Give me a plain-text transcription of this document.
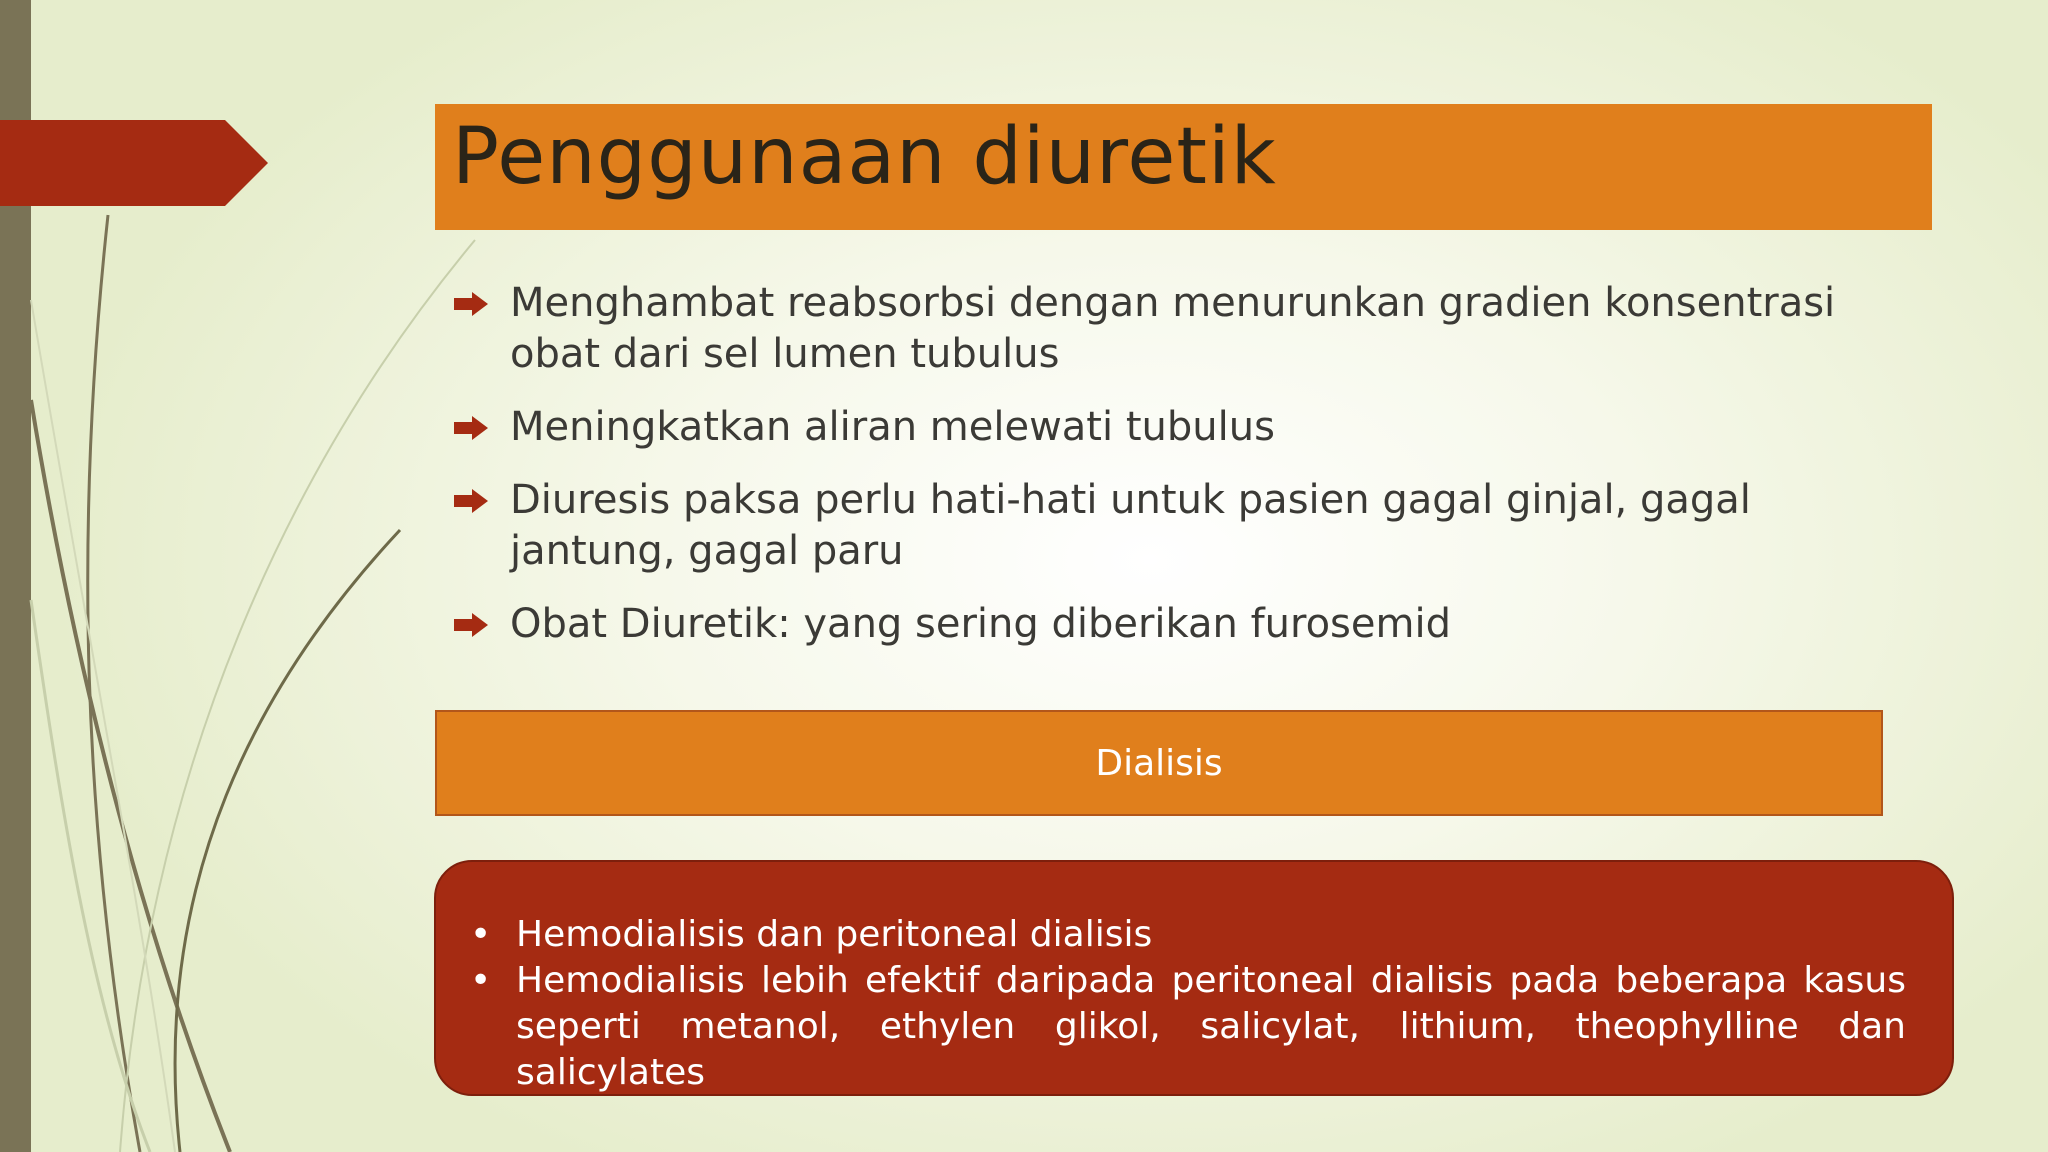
Penggunaan diuretik
Menghambat reabsorbsi dengan menurunkan gradien konsentrasi obat dari sel lumen tubulus
Meningkatkan aliran melewati tubulus
Diuresis paksa perlu hati-hati untuk pasien gagal ginjal, gagal jantung, gagal paru
Obat Diuretik: yang sering diberikan furosemid
Dialisis
• Hemodialisis dan peritoneal dialisis
• Hemodialisis lebih efektif daripada peritoneal dialisis pada beberapa kasus seperti metanol, ethylen glikol, salicylat, lithium, theophylline dan salicylates
